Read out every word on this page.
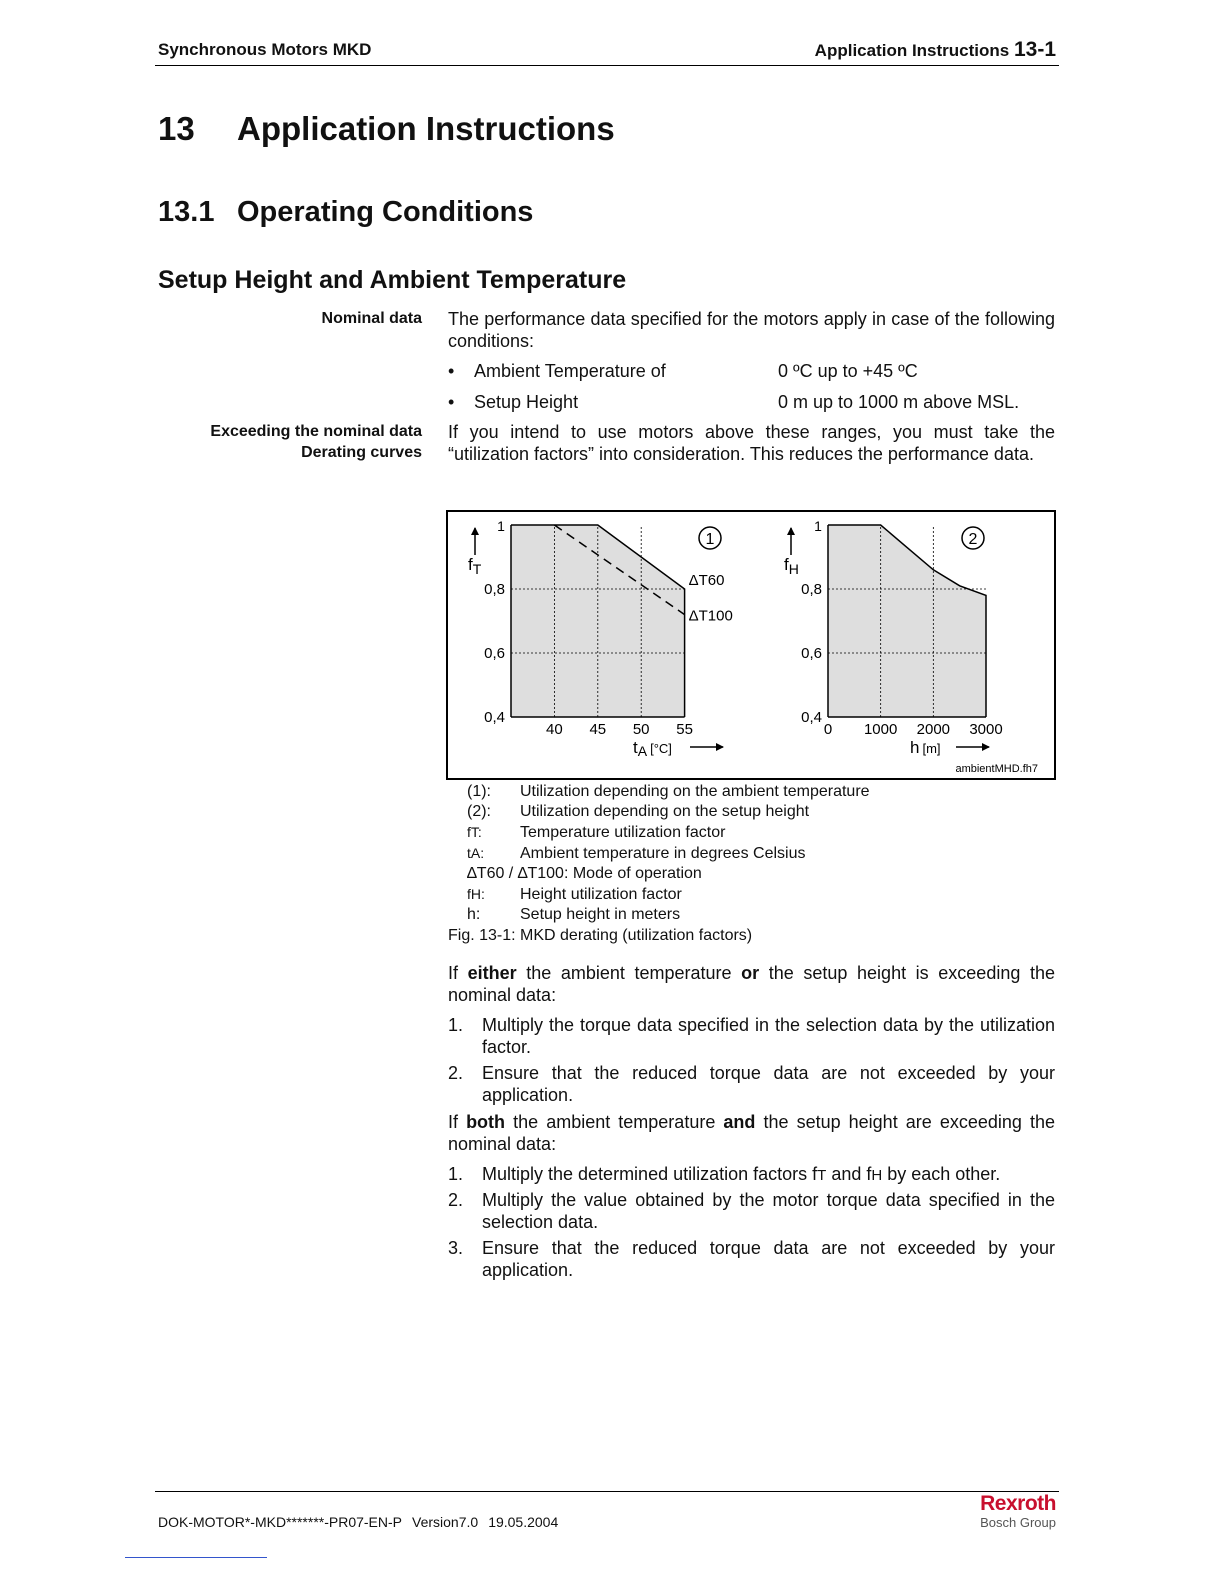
Synchronous Motors MKD	Application Instructions 13-1
13 Application Instructions
13.1 Operating Conditions
Setup Height and Ambient Temperature
Nominal data
Exceeding the nominal data
Derating curves
The performance data specified for the motors apply in case of the following conditions:
• Ambient Temperature of	0 ºC up to +45 ºC
• Setup Height	0 m up to 1000 m above MSL.
If you intend to use motors above these ranges, you must take the “utilization factors” into consideration. This reduces the performance data.
ΔT60
ΔT100
0,4
0,6
0,8
1
40 45 50 55
$f_T$
tA [°C]
1
0,4
0,6
0,8
1
0 1000 2000 3000
$f_H$
h [m]
2
ambientMHD.fh7
(1): Utilization depending on the ambient temperature
(2): Utilization depending on the setup height
fT: Temperature utilization factor
tA: Ambient temperature in degrees Celsius
∆T60 / ∆T100: Mode of operation
fH: Height utilization factor
h: Setup height in meters
Fig. 13-1: MKD derating (utilization factors)
If either the ambient temperature or the setup height is exceeding the nominal data:
1. Multiply the torque data specified in the selection data by the utilization factor.
2. Ensure that the reduced torque data are not exceeded by your application.
If both the ambient temperature and the setup height are exceeding the nominal data:
1. Multiply the determined utilization factors fT and fH by each other.
2. Multiply the value obtained by the motor torque data specified in the selection data.
3. Ensure that the reduced torque data are not exceeded by your application.
DOK-MOTOR*-MKD*******-PR07-EN-P Version7.0 19.05.2004
Rexroth
Bosch Group
